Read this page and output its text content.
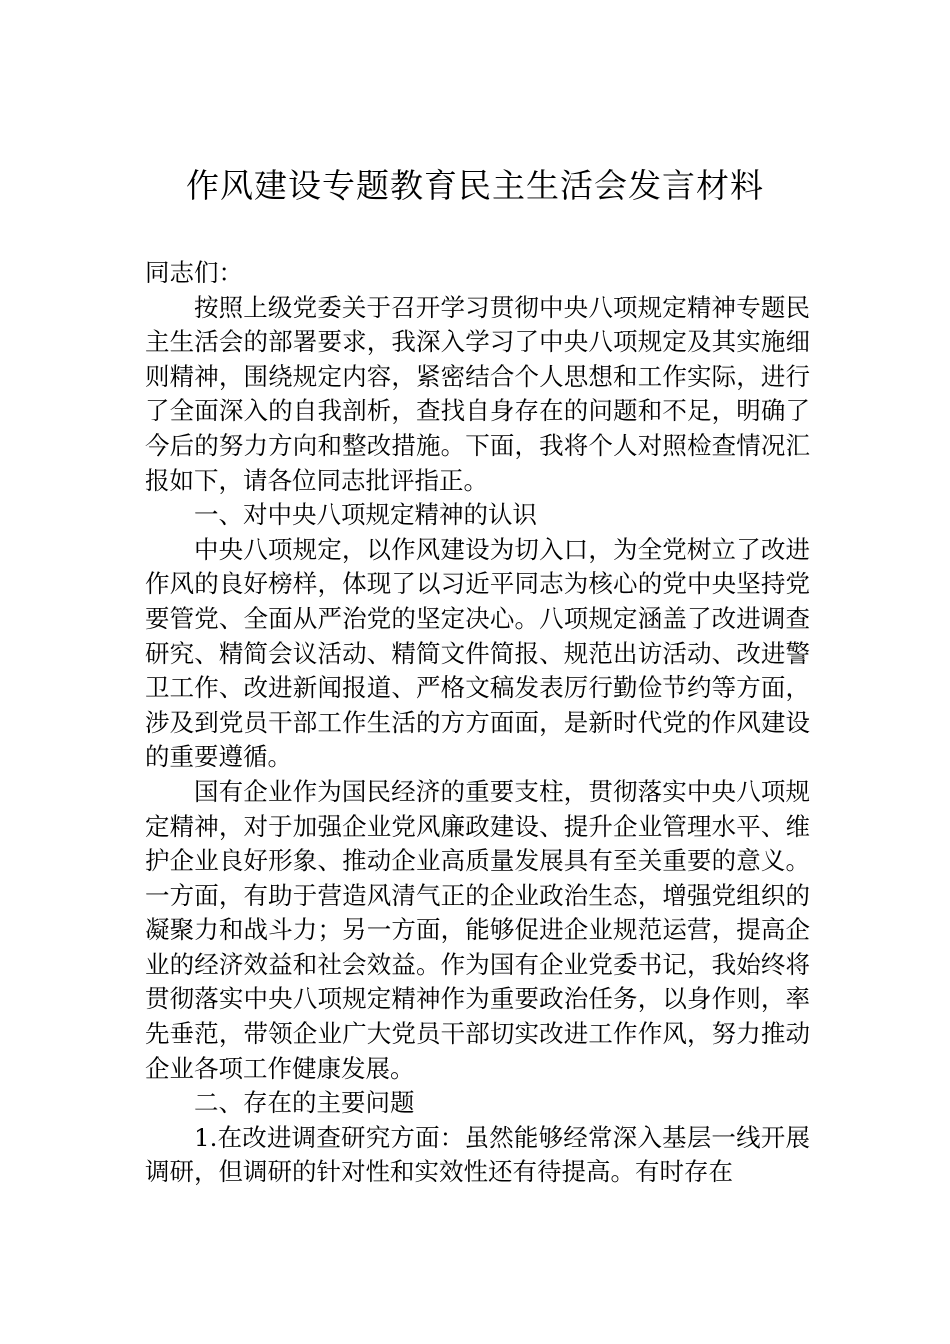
作风建设专题教育民主生活会发言材料

同志们：

按照上级党委关于召开学习贯彻中央八项规定精神专题民主生活会的部署要求，我深入学习了中央八项规定及其实施细则精神，围绕规定内容，紧密结合个人思想和工作实际，进行了全面深入的自我剖析，查找自身存在的问题和不足，明确了今后的努力方向和整改措施。下面，我将个人对照检查情况汇报如下，请各位同志批评指正。

一、对中央八项规定精神的认识

中央八项规定，以作风建设为切入口，为全党树立了改进作风的良好榜样，体现了以习近平同志为核心的党中央坚持党要管党、全面从严治党的坚定决心。八项规定涵盖了改进调查研究、精简会议活动、精简文件简报、规范出访活动、改进警卫工作、改进新闻报道、严格文稿发表厉行勤俭节约等方面，涉及到党员干部工作生活的方方面面，是新时代党的作风建设的重要遵循。

国有企业作为国民经济的重要支柱，贯彻落实中央八项规定精神，对于加强企业党风廉政建设、提升企业管理水平、维护企业良好形象、推动企业高质量发展具有至关重要的意义。一方面，有助于营造风清气正的企业政治生态，增强党组织的凝聚力和战斗力；另一方面，能够促进企业规范运营，提高企业的经济效益和社会效益。作为国有企业党委书记，我始终将贯彻落实中央八项规定精神作为重要政治任务，以身作则，率先垂范，带领企业广大党员干部切实改进工作作风，努力推动企业各项工作健康发展。

二、存在的主要问题

1.在改进调查研究方面：虽然能够经常深入基层一线开展调研，但调研的针对性和实效性还有待提高。有时存在
